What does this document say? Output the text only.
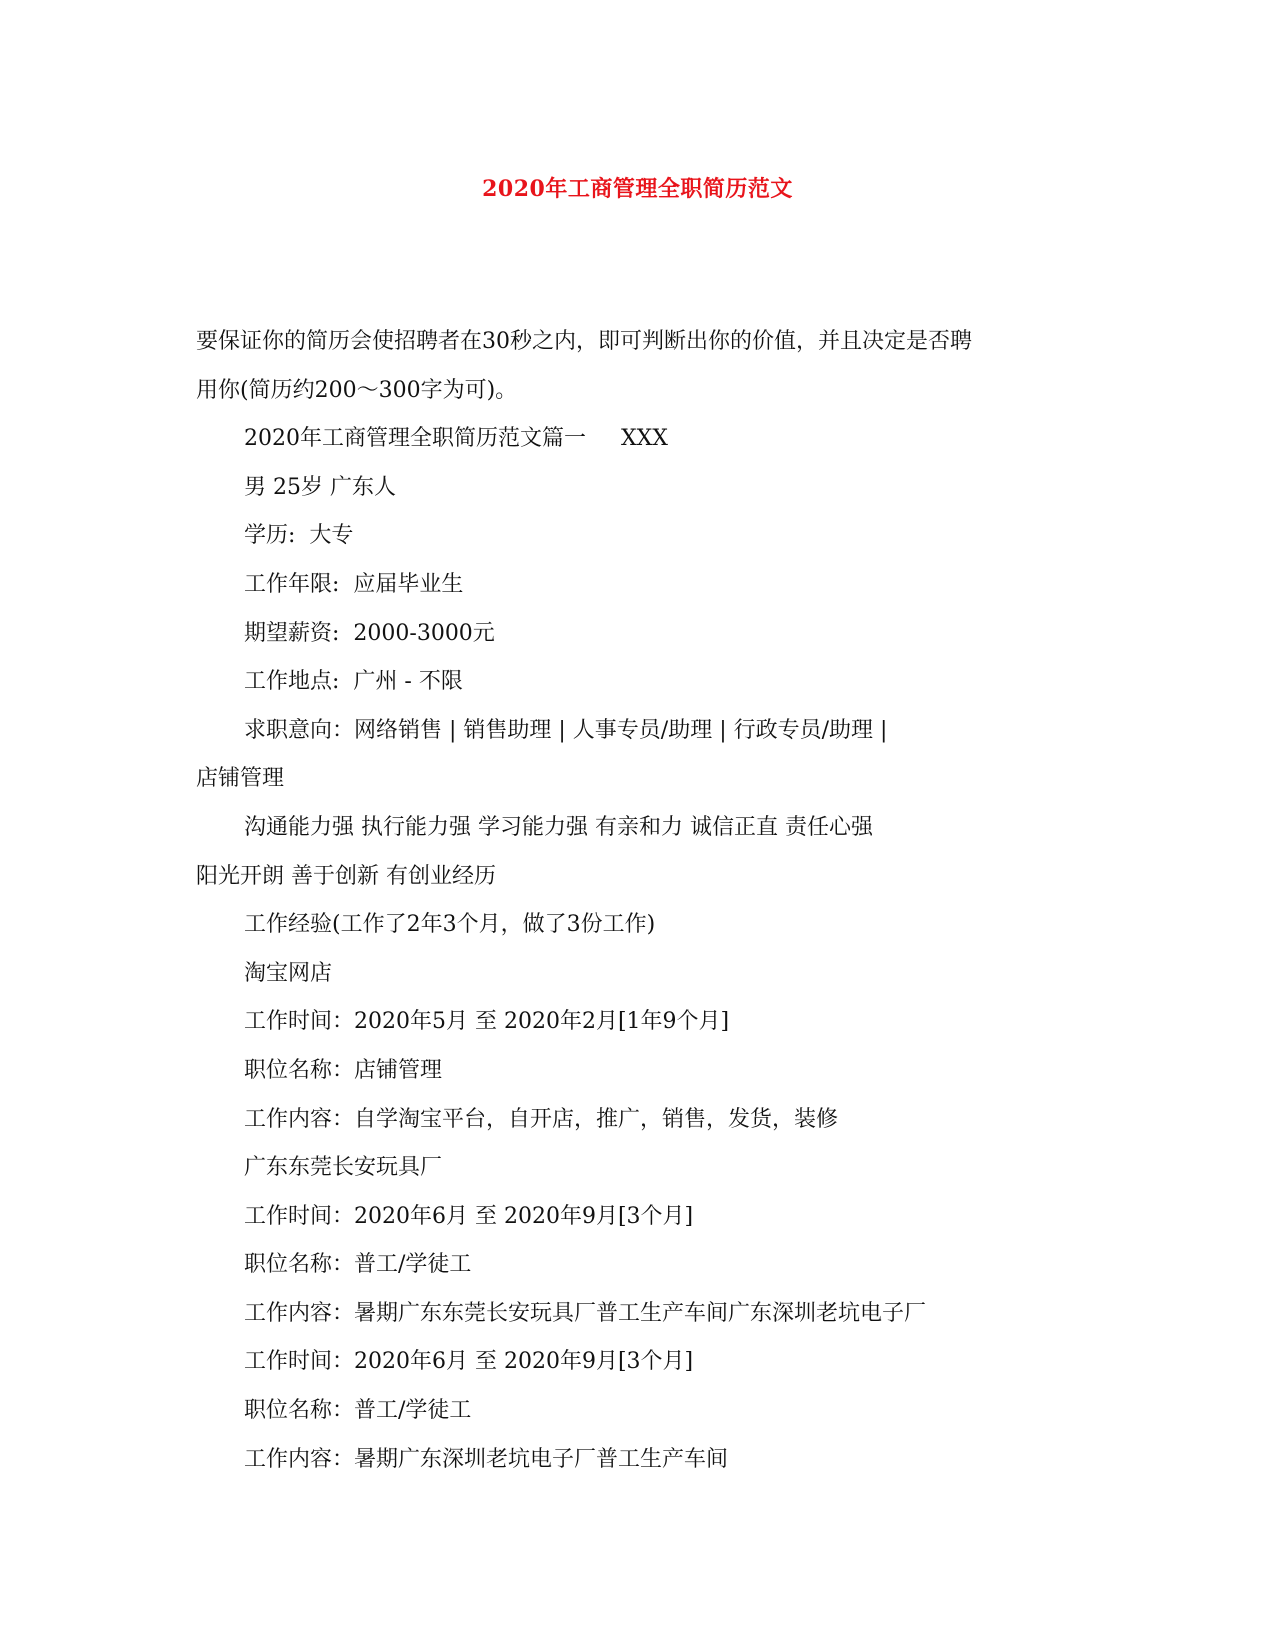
2020年工商管理全职简历范文

要保证你的简历会使招聘者在30秒之内，即可判断出你的价值，并且决定是否聘

用你(简历约200～300字为可)。

2020年工商管理全职简历范文篇一     XXX

男 25岁 广东人

学历:  大专

工作年限:  应届毕业生

期望薪资:  2000-3000元

工作地点:  广州 - 不限

求职意向：网络销售 | 销售助理 | 人事专员/助理 | 行政专员/助理 |

店铺管理

沟通能力强 执行能力强 学习能力强 有亲和力 诚信正直 责任心强

阳光开朗 善于创新 有创业经历

工作经验(工作了2年3个月，做了3份工作)

淘宝网店

工作时间：2020年5月 至 2020年2月[1年9个月]

职位名称：店铺管理

工作内容：自学淘宝平台，自开店，推广，销售，发货，装修

广东东莞长安玩具厂

工作时间：2020年6月 至 2020年9月[3个月]

职位名称：普工/学徒工

工作内容：暑期广东东莞长安玩具厂普工生产车间广东深圳老坑电子厂

工作时间：2020年6月 至 2020年9月[3个月]

职位名称：普工/学徒工

工作内容：暑期广东深圳老坑电子厂普工生产车间
